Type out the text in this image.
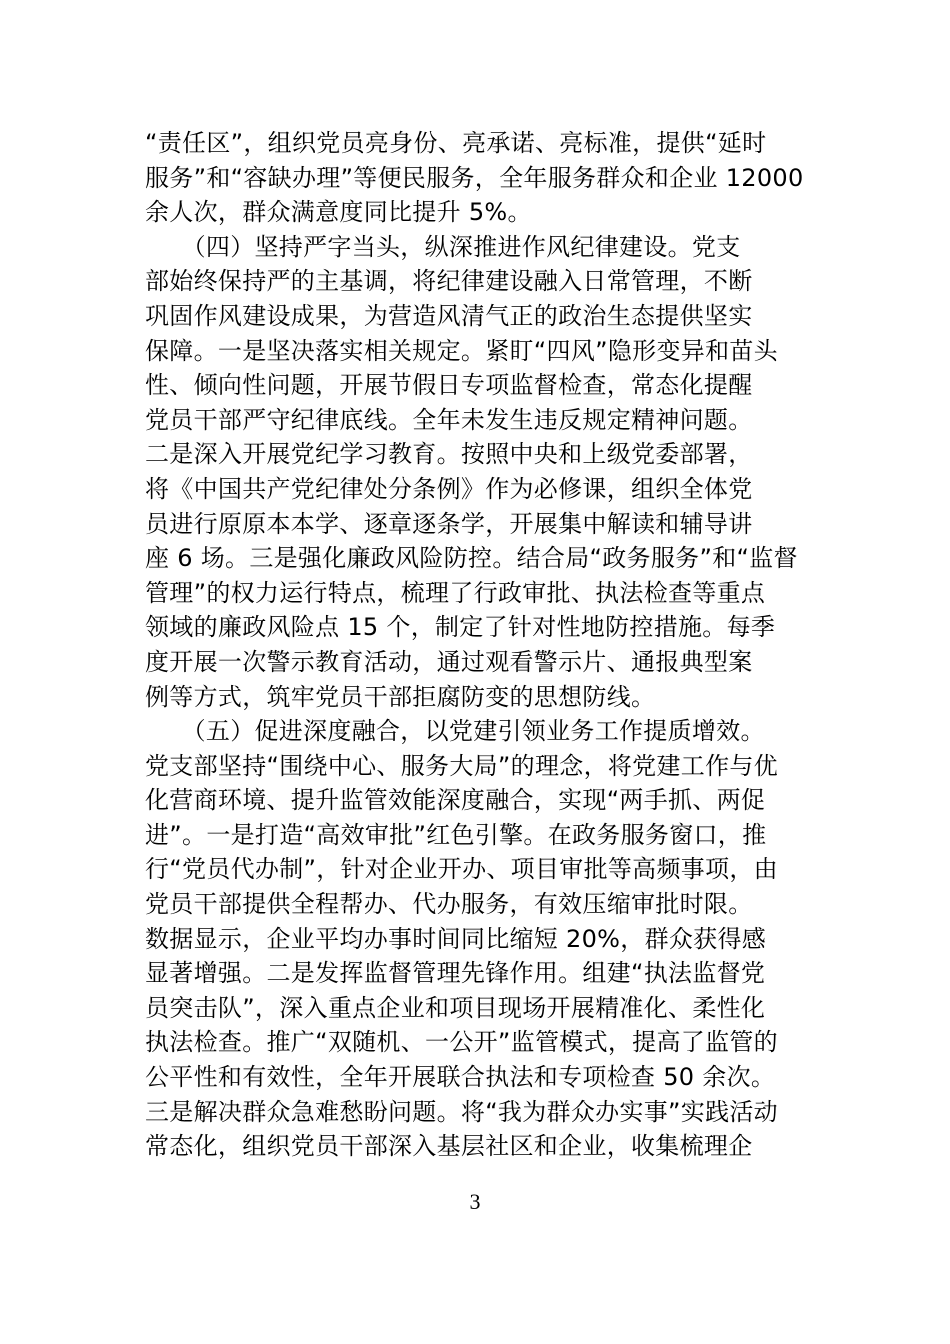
“责任区”，组织党员亮身份、亮承诺、亮标准，提供“延时
服务”和“容缺办理”等便民服务，全年服务群众和企业 12000
余人次，群众满意度同比提升 5%。
　　（四）坚持严字当头，纵深推进作风纪律建设。党支
部始终保持严的主基调，将纪律建设融入日常管理，不断
巩固作风建设成果，为营造风清气正的政治生态提供坚实
保障。一是坚决落实相关规定。紧盯“四风”隐形变异和苗头
性、倾向性问题，开展节假日专项监督检查，常态化提醒
党员干部严守纪律底线。全年未发生违反规定精神问题。
二是深入开展党纪学习教育。按照中央和上级党委部署，
将《中国共产党纪律处分条例》作为必修课，组织全体党
员进行原原本本学、逐章逐条学，开展集中解读和辅导讲
座 6 场。三是强化廉政风险防控。结合局“政务服务”和“监督
管理”的权力运行特点，梳理了行政审批、执法检查等重点
领域的廉政风险点 15 个，制定了针对性地防控措施。每季
度开展一次警示教育活动，通过观看警示片、通报典型案
例等方式，筑牢党员干部拒腐防变的思想防线。
　　（五）促进深度融合，以党建引领业务工作提质增效。
党支部坚持“围绕中心、服务大局”的理念，将党建工作与优
化营商环境、提升监管效能深度融合，实现“两手抓、两促
进”。一是打造“高效审批”红色引擎。在政务服务窗口，推
行“党员代办制”，针对企业开办、项目审批等高频事项，由
党员干部提供全程帮办、代办服务，有效压缩审批时限。
数据显示，企业平均办事时间同比缩短 20%，群众获得感
显著增强。二是发挥监督管理先锋作用。组建“执法监督党
员突击队”，深入重点企业和项目现场开展精准化、柔性化
执法检查。推广“双随机、一公开”监管模式，提高了监管的
公平性和有效性，全年开展联合执法和专项检查 50 余次。
三是解决群众急难愁盼问题。将“我为群众办实事”实践活动
常态化，组织党员干部深入基层社区和企业，收集梳理企
3
